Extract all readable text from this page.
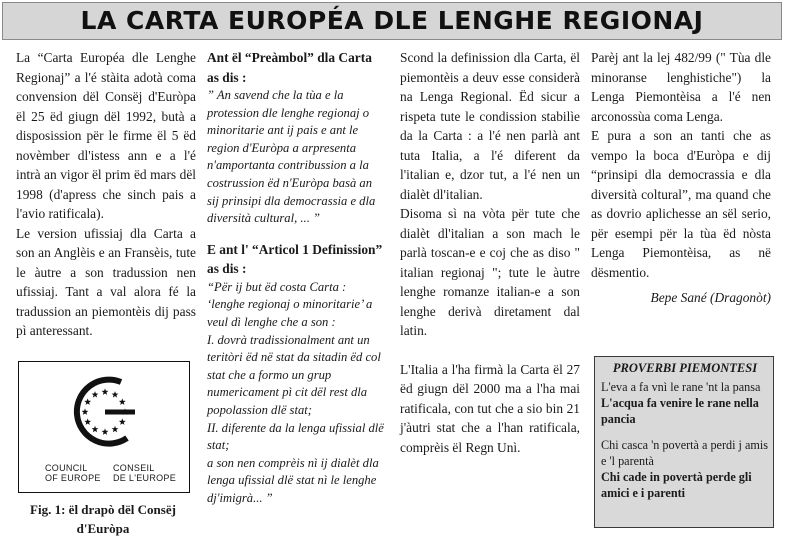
LA CARTA EUROPÉA DLE LENGHE REGIONAJ

La “Carta Européa dle Lenghe Regionaj” a l'é stàita adotà coma convension dël Consëj d'Euròpa ël 25 ëd giugn dël 1992, butà a disposission për le firme ël 5 ëd novèmber dl'istess ann e a l'é intrà an vigor ël prim ëd mars dël 1998 (d'apress che sinch pais a l'avio ratificala).

Le version ufissiaj dla Carta a son an Anglèis e an Fransèis, tute le àutre a son tradussion nen ufissiaj. Tant a val alora fé la tradussion an piemontèis dij pass pì anteressant.

COUNCIL
OF EUROPE
CONSEIL
DE L'EUROPE
Fig. 1: ël drapò dël Consëj d'Euròpa

Ant ël “Preàmbol” dla Carta as dis :

” An savend che la tùa e la protession dle lenghe regionaj o minoritarie ant ij pais e ant le region d'Euròpa a arpresenta n'amportanta contribussion a la costrussion ëd n'Euròpa basà an sij prinsipi dla democrassia e dla diversità cultural, ... ”

E ant l' “Articol 1 Definission” as dis :

“Për ij but ëd costa Carta : ‘lenghe regionaj o minoritarie’ a veul dì lenghe che a son :

I. dovrà tradissionalment ant un teritòri ëd në stat da sitadin ëd col stat che a formo un grup numericament pì cit dël rest dla popolassion dlë stat;

II. diferente da la lenga ufissial dlë stat;

a son nen comprèis nì ij dialèt dla lenga ufissial dlë stat nì le lenghe dj'imigrà... ”

Scond la definission dla Carta, ël piemontèis a deuv esse considerà na Lenga Regional. Ëd sicur a rispeta tute le condission stabilìe da la Carta : a l'é nen parlà ant tuta Italia, a l'é diferent da l'italian e, dzor tut, a l'é nen un dialèt dl'italian.

Disoma sì na vòta për tute che dialèt dl'italian a son mach le parlà toscan-e e coj che as diso " italian regionaj "; tute le àutre lenghe romanze italian-e a son lenghe derivà diretament dal latin.

L'Italia a l'ha firmà la Carta ël 27 ëd giugn dël 2000 ma a l'ha mai ratificala, con tut che a sio bin 21 j'àutri stat che a l'han ratificala, comprèis ël Regn Unì.

Parèj ant la lej 482/99 (" Tùa dle minoranse lenghistiche") la Lenga Piemontèisa a l'é nen arconossùa coma Lenga.

E pura a son an tanti che as vempo la boca d'Euròpa e dij “prinsipi dla democrassia e dla diversità coltural”, ma quand che as dovrio aplichesse an sël serio, për esempi për la tùa ëd nòsta Lenga Piemontèisa, as në dësmentio.

Bepe Sané (Dragonòt)

PROVERBI PIEMONTESI

L'eva a fa vnì le rane 'nt la pansa

L'acqua fa venire le rane nella pancia

Chi casca 'n povertà a perdi j amis e 'l parentà

Chi cade in povertà perde gli amici e i parenti
